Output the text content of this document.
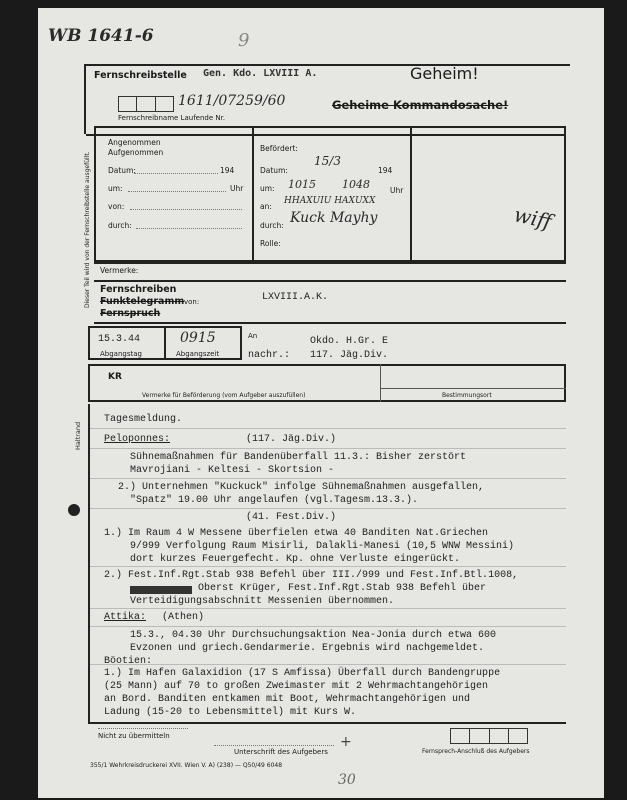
WB 1641-6	9
Fernschreibstelle Gen. Kdo. LXVIII A.	Geheim!
1611/07259/60
Fernschreibname Laufende Nr.
Geheime Kommandosache!
Dieser Teil wird von der Fernschreibstelle ausgefüllt.
Angenommen
Aufgenommen
Datum:	194
um:	Uhr
von:
durch:
Befördert:
Datum:
15/3
194
um: 1015 1048	Uhr
an:
HHAXUIU HAXUXX
durch: Kuck Mayhy
Rolle:
wiff
Vermerke:
Fernschreiben
Funktelegramm
Fernspruch
von:	LXVIII.A.K.
15.3.44	0915
Abgangstag	Abgangszeit
An	Okdo. H.Gr. E
nachr.: 117. Jäg.Div.
KR
Vermerke für Beförderung (vom Aufgeber auszufüllen)	Bestimmungsort
Haltrand
Tagesmeldung.
Peloponnes:	(117. Jäg.Div.)
Sühnemaßnahmen für Bandenüberfall 11.3.: Bisher zerstört
Mavrojiani - Keltesi - Skortsion -
2.) Unternehmen "Kuckuck" infolge Sühnemaßnahmen ausgefallen,
"Spatz" 19.00 Uhr angelaufen (vgl.Tagesm.13.3.).
(41. Fest.Div.)
1.) Im Raum 4 W Messene überfielen etwa 40 Banditen Nat.Griechen
9/999 Verfolgung Raum Misirli, Dalakli-Manesi (10,5 WNW Messini)
dort kurzes Feuergefecht. Kp. ohne Verluste eingerückt.
2.) Fest.Inf.Rgt.Stab 938 Befehl über III./999 und Fest.Inf.Btl.1008,
Oberst Krüger, Fest.Inf.Rgt.Stab 938 Befehl über
Verteidigungsabschnitt Messenien übernommen.
Attika: (Athen)
15.3., 04.30 Uhr Durchsuchungsaktion Nea-Jonia durch etwa 600
Evzonen und griech.Gendarmerie. Ergebnis wird nachgemeldet.
Böotien:
1.) Im Hafen Galaxidion (17 S Amfissa) Überfall durch Bandengruppe
(25 Mann) auf 70 to großen Zweimaster mit 2 Wehrmachtangehörigen
an Bord. Banditen entkamen mit Boot, Wehrmachtangehörigen und
Ladung (15-20 to Lebensmittel) mit Kurs W.
Nicht zu übermitteln
Unterschrift des Aufgebers	Fernsprech-Anschluß des Aufgebers
+
355/1 Wehrkreisdruckerei XVII. Wien V. A) (238) — Q50/49 6048
30
